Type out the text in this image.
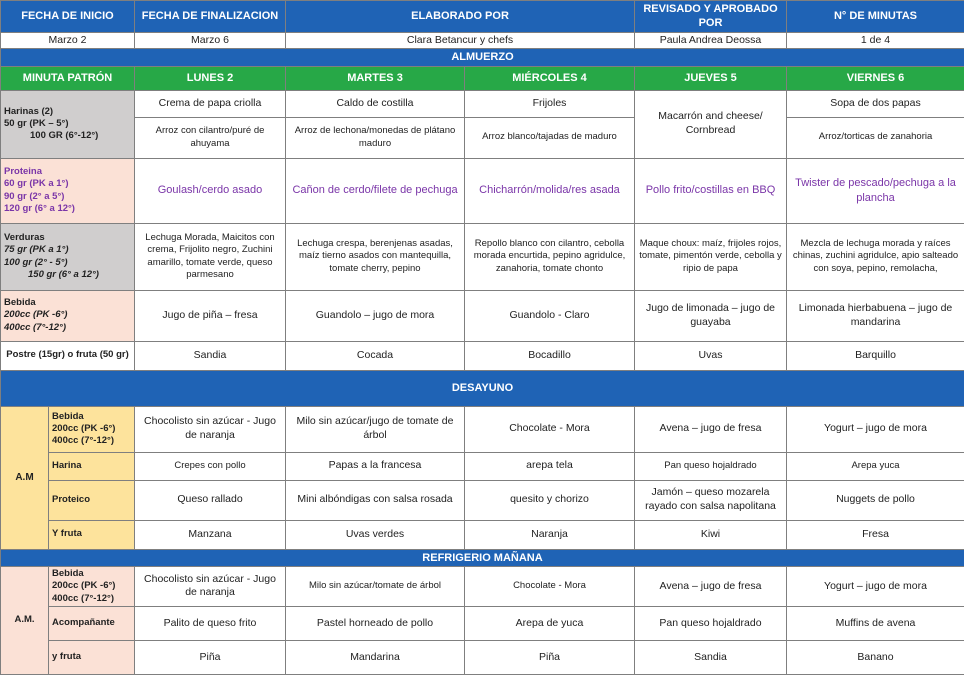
FECHA DE INICIO		FECHA DE FINALIZACION	ELABORADO POR		REVISADO Y APROBADO POR	N° DE MINUTAS
Marzo 2		Marzo 6	Clara Betancur y chefs		Paula Andrea Deossa	1 de 4
ALMUERZO						
MINUTA PATRÓN		LUNES 2	MARTES 3	MIÉRCOLES 4	JUEVES 5	VIERNES 6

Harinas (2)
50 gr (PK – 5°)
100 GR (6°-12°)		Crema de papa criolla	Caldo de costilla	Frijoles	Macarrón and cheese/ Cornbread	Sopa de dos papas
		Arroz con cilantro/puré de ahuyama	Arroz de lechona/monedas de plátano maduro	Arroz blanco/tajadas de maduro		Arroz/torticas de zanahoria

Proteina
60 gr (PK a 1°)
90 gr (2° a 5°)
120 gr (6° a 12°)		Goulash/cerdo asado	Cañon de cerdo/filete de pechuga	Chicharrón/molida/res asada	Pollo frito/costillas en BBQ	Twister de pescado/pechuga a la plancha

Verduras
75 gr (PK a 1°)
100 gr (2° - 5°)
150 gr (6° a 12°)		Lechuga Morada, Maicitos con crema, Frijolito negro, Zuchini amarillo, tomate verde, queso parmesano	Lechuga crespa, berenjenas asadas, maíz tierno asados con mantequilla, tomate cherry, pepino	Repollo blanco con cilantro, cebolla morada encurtida, pepino agridulce, zanahoria, tomate chonto	Maque choux: maíz, frijoles rojos, tomate, pimentón verde, cebolla y ripio de papa	Mezcla de lechuga morada y raíces chinas, zuchini agridulce, apio salteado con soya, pepino, remolacha,

Bebida
200cc (PK -6°)
400cc (7°-12°)		Jugo de piña – fresa	Guandolo – jugo de mora	Guandolo - Claro	Jugo de limonada – jugo de guayaba	Limonada hierbabuena – jugo de mandarina
Postre (15gr) o fruta (50 gr)		Sandia	Cocada	Bocadillo	Uvas	Barquillo
DESAYUNO						
A.M	Bebida
200cc (PK -6°)
400cc (7°-12°)	Chocolisto sin azúcar - Jugo de naranja	Milo sin azúcar/jugo de tomate de árbol	Chocolate - Mora	Avena – jugo de fresa	Yogurt – jugo de mora
	Harina	Crepes con pollo	Papas a la francesa	arepa tela	Pan queso hojaldrado	Arepa yuca
	Proteico	Queso rallado	Mini albóndigas con salsa rosada	quesito y chorizo	Jamón – queso mozarela rayado con salsa napolitana	Nuggets de pollo
	Y fruta	Manzana	Uvas verdes	Naranja	Kiwi	Fresa
REFRIGERIO MAÑANA						
A.M.	Bebida
200cc (PK -6°)
400cc (7°-12°)	Chocolisto sin azúcar - Jugo de naranja	Milo sin azúcar/tomate de árbol	Chocolate - Mora	Avena – jugo de fresa	Yogurt – jugo de mora
	Acompañante	Palito de queso frito	Pastel horneado de pollo	Arepa de yuca	Pan queso hojaldrado	Muffins de avena
	y fruta	Piña	Mandarina	Piña	Sandia	Banano
